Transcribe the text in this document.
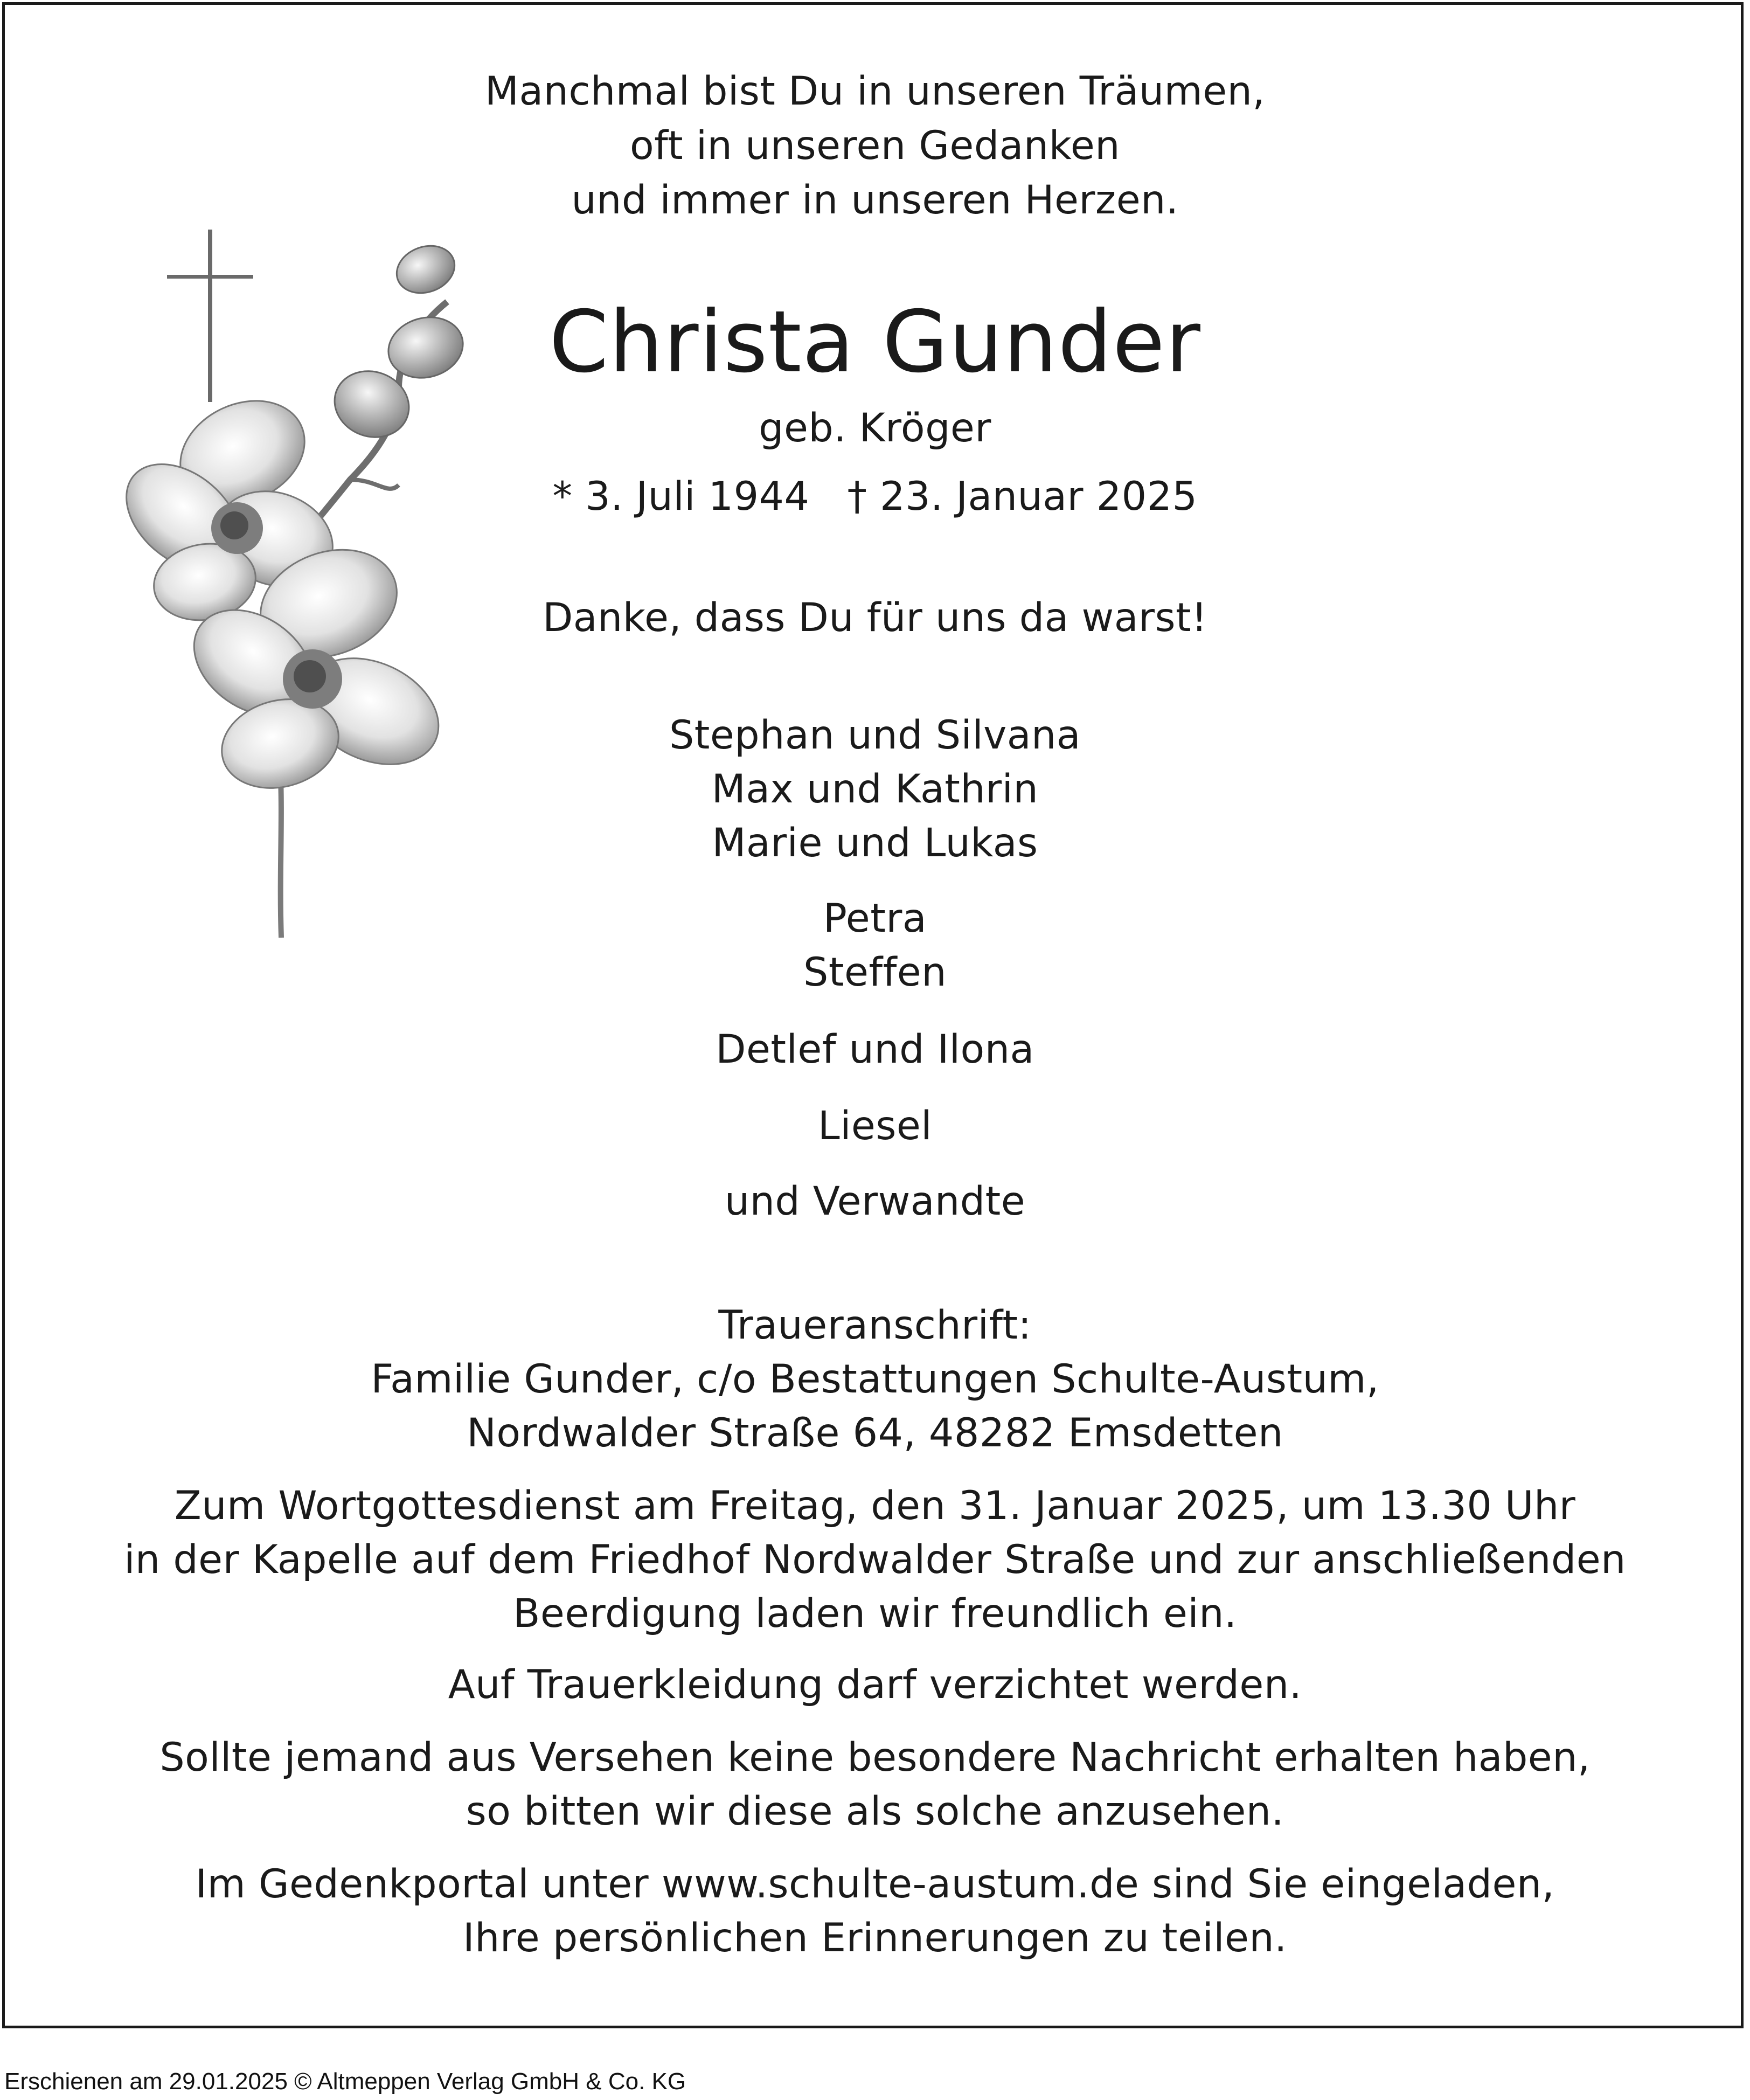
Manchmal bist Du in unseren Träumen,
oft in unseren Gedanken
und immer in unseren Herzen.
Christa Gunder
geb. Kröger
* 3. Juli 1944 † 23. Januar 2025
Danke, dass Du für uns da warst!
Stephan und Silvana
Max und Kathrin
Marie und Lukas
Petra
Steffen
Detlef und Ilona
Liesel
und Verwandte
Traueranschrift:
Familie Gunder, c/o Bestattungen Schulte-Austum,
Nordwalder Straße 64, 48282 Emsdetten
Zum Wortgottesdienst am Freitag, den 31. Januar 2025, um 13.30 Uhr
in der Kapelle auf dem Friedhof Nordwalder Straße und zur anschließenden
Beerdigung laden wir freundlich ein.
Auf Trauerkleidung darf verzichtet werden.
Sollte jemand aus Versehen keine besondere Nachricht erhalten haben,
so bitten wir diese als solche anzusehen.
Im Gedenkportal unter www.schulte-austum.de sind Sie eingeladen,
Ihre persönlichen Erinnerungen zu teilen.
Erschienen am 29.01.2025 © Altmeppen Verlag GmbH & Co. KG
